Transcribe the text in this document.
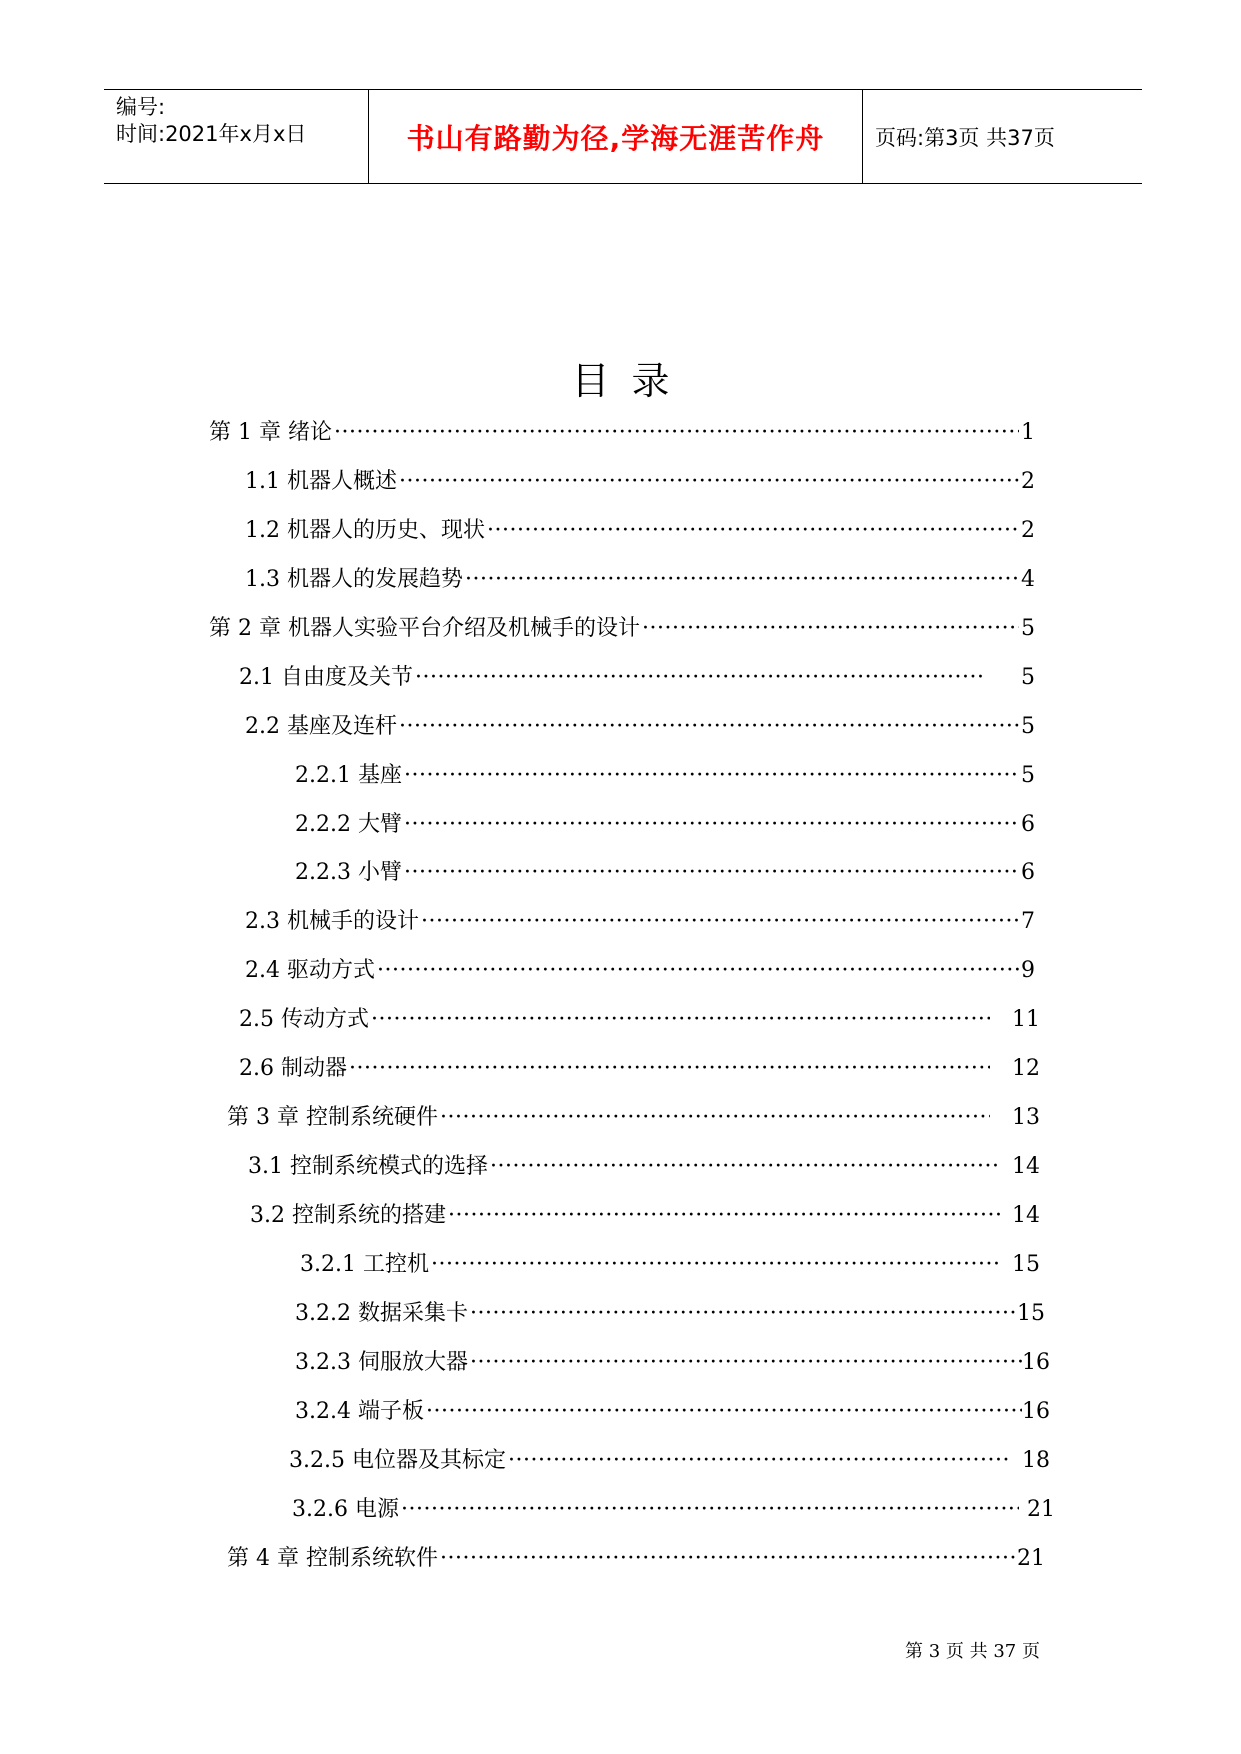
编号:
时间:2021年x月x日	书山有路勤为径,学海无涯苦作舟 页码:第3页 共37页
目录
第 1 章 绪论 ·····	1
1.1 机器人概述 ·····	2
1.2 机器人的历史、现状 ·····	2
1.3 机器人的发展趋势 ·····	4
第 2 章 机器人实验平台介绍及机械手的设计 ·····	5
2.1 自由度及关节 ·····	5
2.2 基座及连杆 ·····	5
2.2.1 基座 ·····	5
2.2.2 大臂 ·····	6
2.2.3 小臂 ·····	6
2.3 机械手的设计 ·····	7
2.4 驱动方式 ·····	9
2.5 传动方式 ·····	11
2.6 制动器 ·····	12
第 3 章 控制系统硬件 ·····	13
3.1 控制系统模式的选择 ·····	14
3.2 控制系统的搭建 ·····	14
3.2.1 工控机 ·····	15
3.2.2 数据采集卡 ·····	15
3.2.3 伺服放大器 ·····	16
3.2.4 端子板 ·····	16
3.2.5 电位器及其标定 ·····	18
3.2.6 电源 ·····	21
第 4 章 控制系统软件 ·····	21
第 3 页 共 37 页
